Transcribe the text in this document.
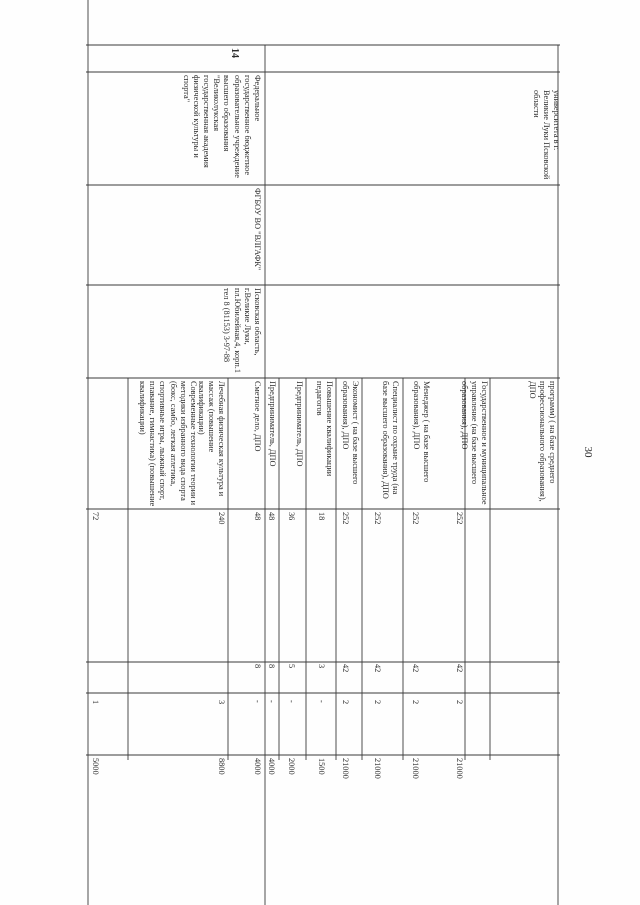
30
университета в г. Великие Луки Псковской области
14
Федеральное государственное бюджетное образовательное учреждение высшего образования "Великолукская государственная академия физической культуры и спорта"
ФГБОУ ВО "ВЛГАФК"
Псковская область, г.Великие Луки, пл.Юбилейная,4, корп.1 тел 8 (81153) 3-97-88
программ) ( на базе среднего профессионального образования), ДПО
Государственное и муниципальное управление (на базе высшего образования), ДПО
252
42
2
21000
Менеджер ( на базе высшего образования), ДПО
252
42
2
21000
Специалист по охране труда (на базе высшего образования), ДПО
252
42
2
21000
Экономист ( на базе высшего образования), ДПО
252
42
2
21000
Повышение квалификации педагогов
18
3
-
1500
Предприниматель, ДПО
36
5
-
2000
Предприниматель, ДПО
48
8
-
4000
Сметное дело, ДПО
48
8
-
4000
Лечебная физическая культура и массаж (повышение квалификации)
240
3
8800
Современные технологии теории и методики избранного вида спорта (бокс, самбо, легкая атлетика, спортивные игры, лыжный спорт, плавание, гимнастика) (повышение квалификации)
72
1
5000
